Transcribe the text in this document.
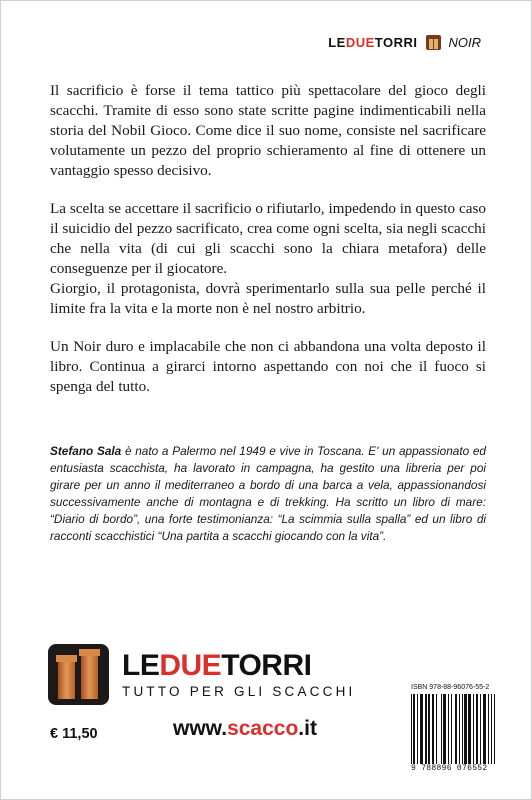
LEDUETORRI NOIR

Il sacrificio è forse il tema tattico più spettacolare del gioco degli scacchi. Tramite di esso sono state scritte pagine indimenticabili nella storia del Nobil Gioco. Come dice il suo nome, consiste nel sacrificare volutamente un pezzo del proprio schieramento al fine di ottenere un vantaggio spesso decisivo.

La scelta se accettare il sacrificio o rifiutarlo, impedendo in questo caso il suicidio del pezzo sacrificato, crea come ogni scelta, sia negli scacchi che nella vita (di cui gli scacchi sono la chiara metafora) delle conseguenze per il giocatore.

Giorgio, il protagonista, dovrà sperimentarlo sulla sua pelle perché il limite fra la vita e la morte non è nel nostro arbitrio.

Un Noir duro e implacabile che non ci abbandona una volta deposto il libro. Continua a girarci intorno aspettando con noi che il fuoco si spenga del tutto.

Stefano Sala è nato a Palermo nel 1949 e vive in Toscana. E' un appassionato ed entusiasta scacchista, ha lavorato in campagna, ha gestito una libreria per poi girare per un anno il mediterraneo a bordo di una barca a vela, appassionandosi successivamente anche di montagna e di trekking. Ha scritto un libro di mare: “Diario di bordo”, una forte testimonianza: “La scimmia sulla spalla” ed un libro di racconti scacchistici “Una partita a scacchi giocando con la vita”.
LEDUETORRI
TUTTO PER GLI SCACCHI
€ 11,50	www.scacco.it
ISBN 978-88-96076-55-2
9 788896 076552
